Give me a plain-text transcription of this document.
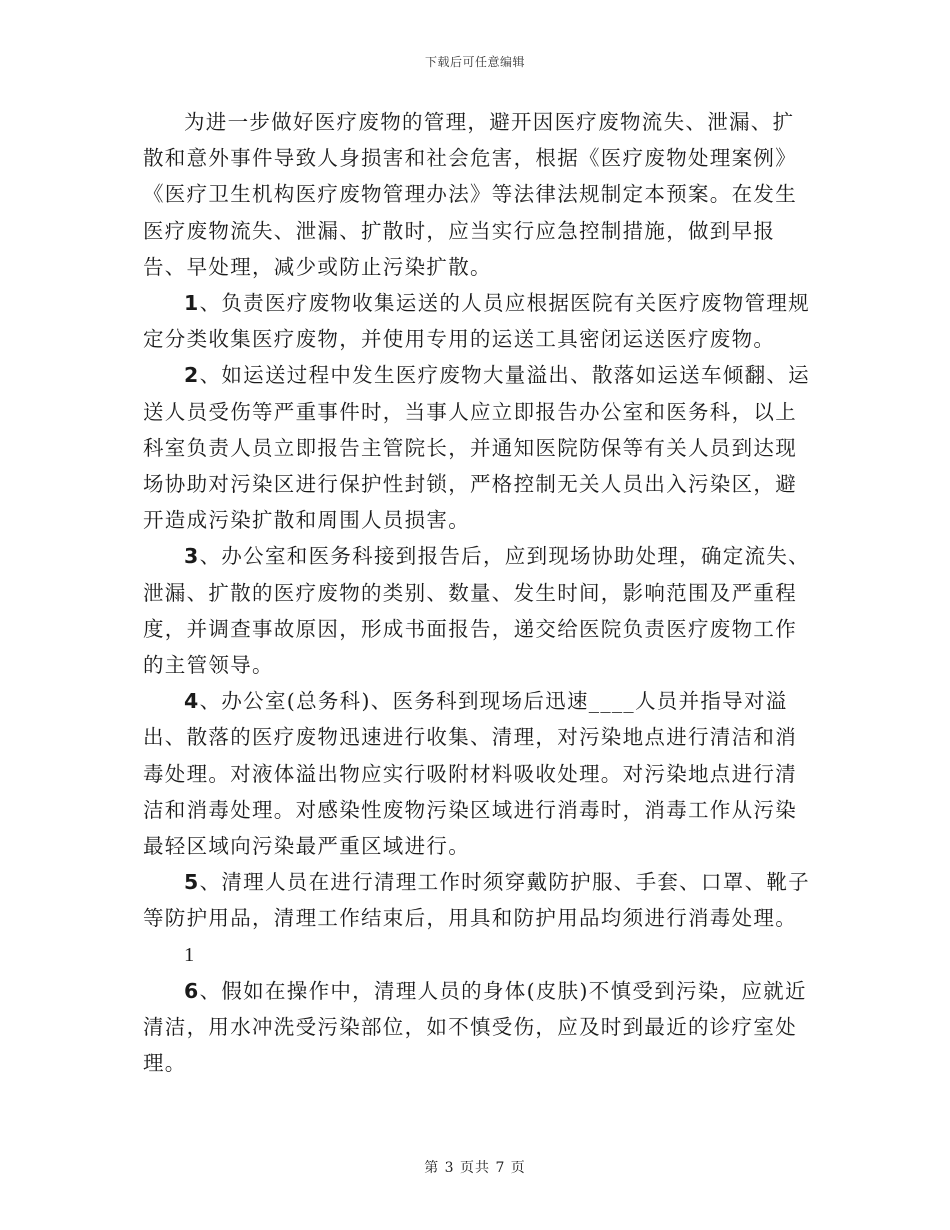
下载后可任意编辑

为进一步做好医疗废物的管理，避开因医疗废物流失、泄漏、扩散和意外事件导致人身损害和社会危害，根据《医疗废物处理案例》《医疗卫生机构医疗废物管理办法》等法律法规制定本预案。在发生医疗废物流失、泄漏、扩散时，应当实行应急控制措施，做到早报告、早处理，减少或防止污染扩散。

1、负责医疗废物收集运送的人员应根据医院有关医疗废物管理规定分类收集医疗废物，并使用专用的运送工具密闭运送医疗废物。

2、如运送过程中发生医疗废物大量溢出、散落如运送车倾翻、运送人员受伤等严重事件时，当事人应立即报告办公室和医务科，以上科室负责人员立即报告主管院长，并通知医院防保等有关人员到达现场协助对污染区进行保护性封锁，严格控制无关人员出入污染区，避开造成污染扩散和周围人员损害。

3、办公室和医务科接到报告后，应到现场协助处理，确定流失、泄漏、扩散的医疗废物的类别、数量、发生时间，影响范围及严重程度，并调查事故原因，形成书面报告，递交给医院负责医疗废物工作的主管领导。

4、办公室(总务科)、医务科到现场后迅速____人员并指导对溢出、散落的医疗废物迅速进行收集、清理，对污染地点进行清洁和消毒处理。对液体溢出物应实行吸附材料吸收处理。对污染地点进行清洁和消毒处理。对感染性废物污染区域进行消毒时，消毒工作从污染最轻区域向污染最严重区域进行。

5、清理人员在进行清理工作时须穿戴防护服、手套、口罩、靴子等防护用品，清理工作结束后，用具和防护用品均须进行消毒处理。

1

6、假如在操作中，清理人员的身体(皮肤)不慎受到污染，应就近清洁，用水冲洗受污染部位，如不慎受伤，应及时到最近的诊疗室处理。

第 3 页共 7 页
